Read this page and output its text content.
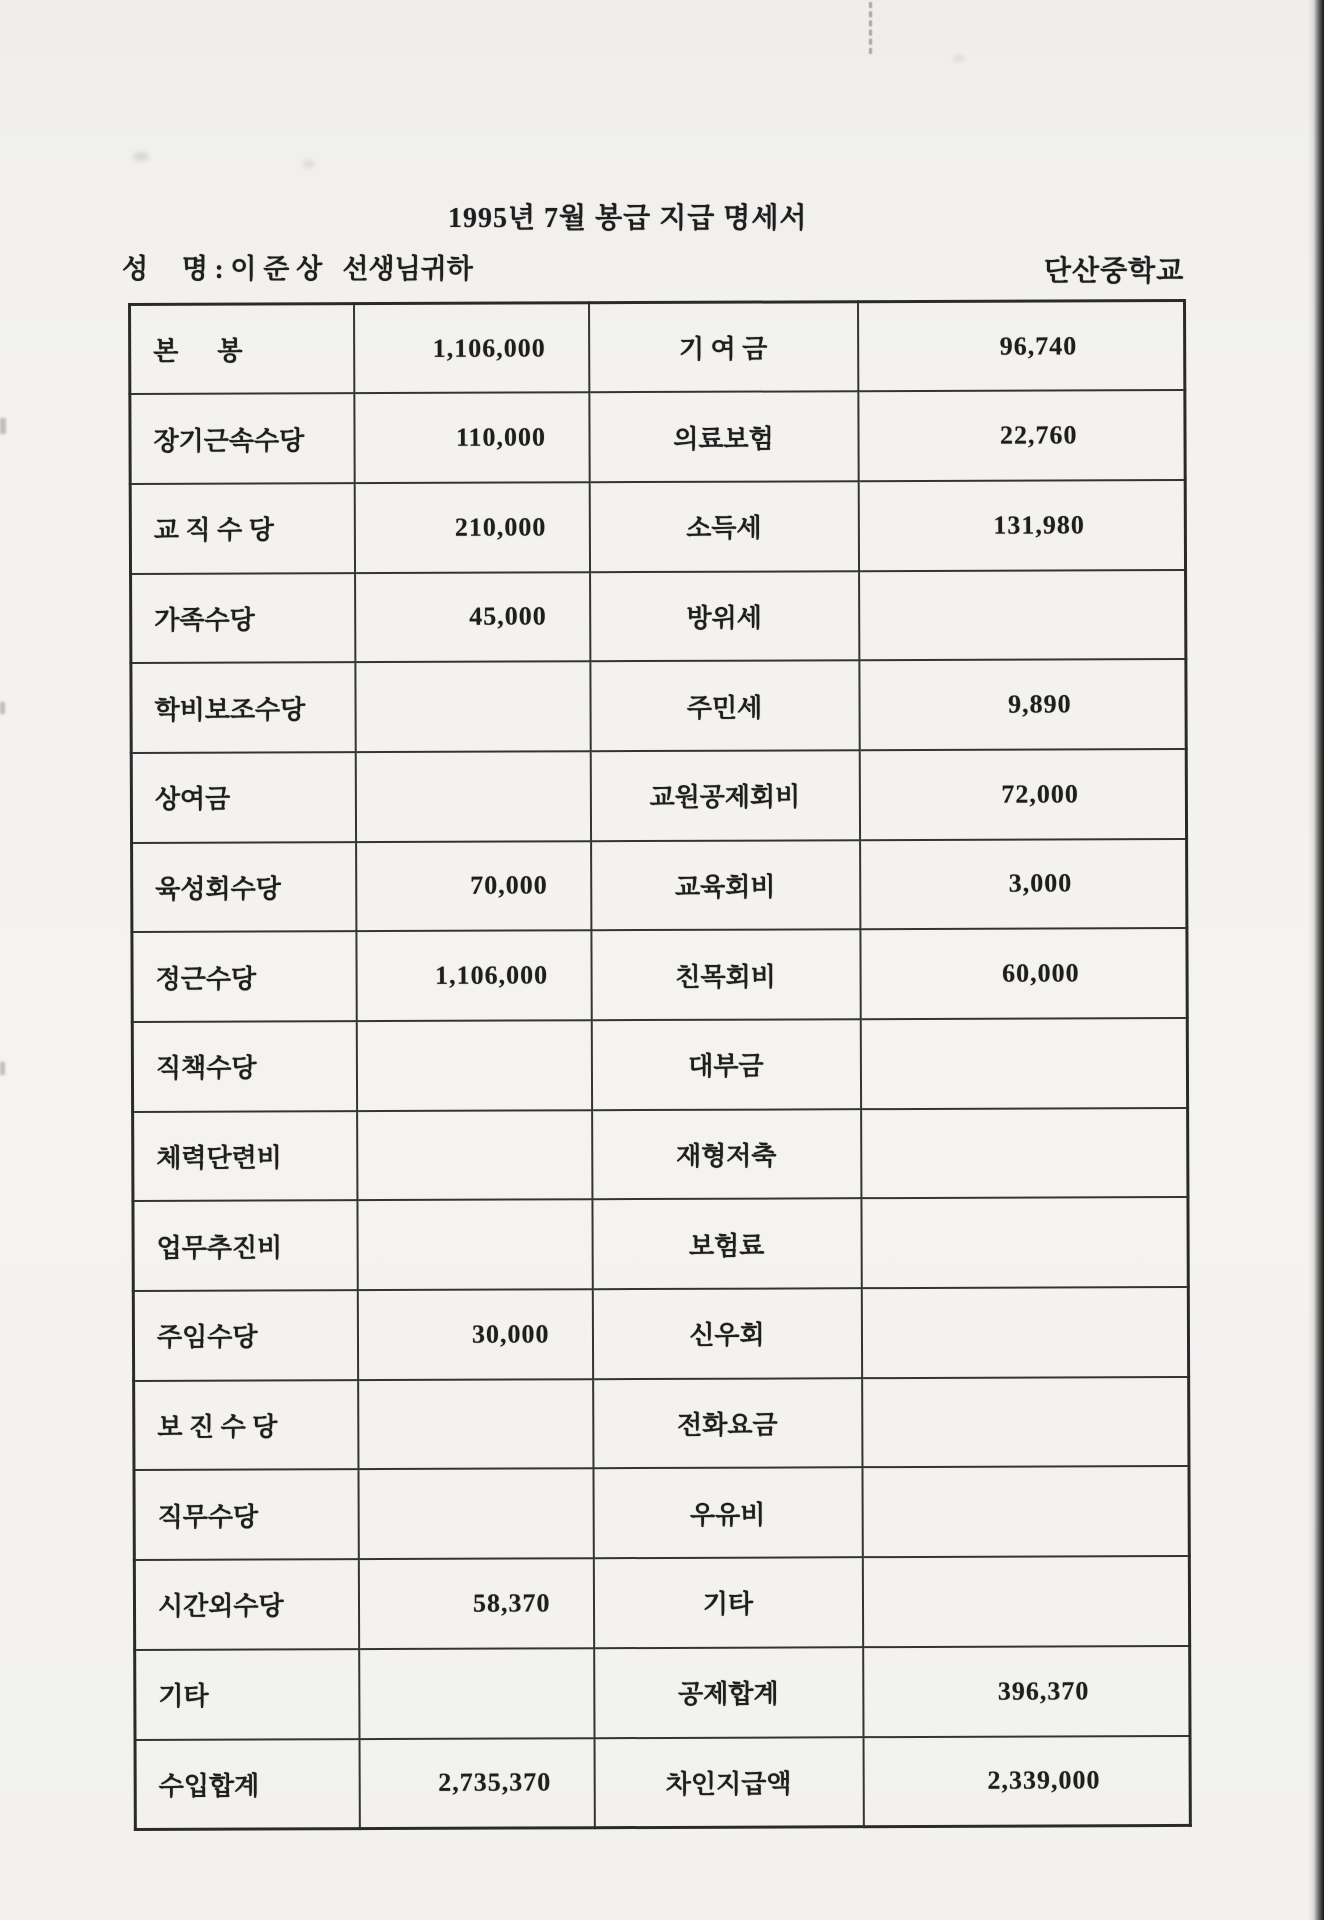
1995년 7월 봉급 지급 명세서
성     명 : 이 준 상   선생님귀하	단산중학교
본      봉	1,106,000	기 여 금	96,740
장기근속수당	110,000	의료보험	22,760
교 직 수 당	210,000	소득세	131,980
가족수당	45,000	방위세	
학비보조수당		주민세	9,890
상여금		교원공제회비	72,000
육성회수당	70,000	교육회비	3,000
정근수당	1,106,000	친목회비	60,000
직책수당		대부금	
체력단련비		재형저축	
업무추진비		보험료	
주임수당	30,000	신우회	
보 진 수 당		전화요금	
직무수당		우유비	
시간외수당	58,370	기타	
기타		공제합계	396,370
수입합계	2,735,370	차인지급액	2,339,000
